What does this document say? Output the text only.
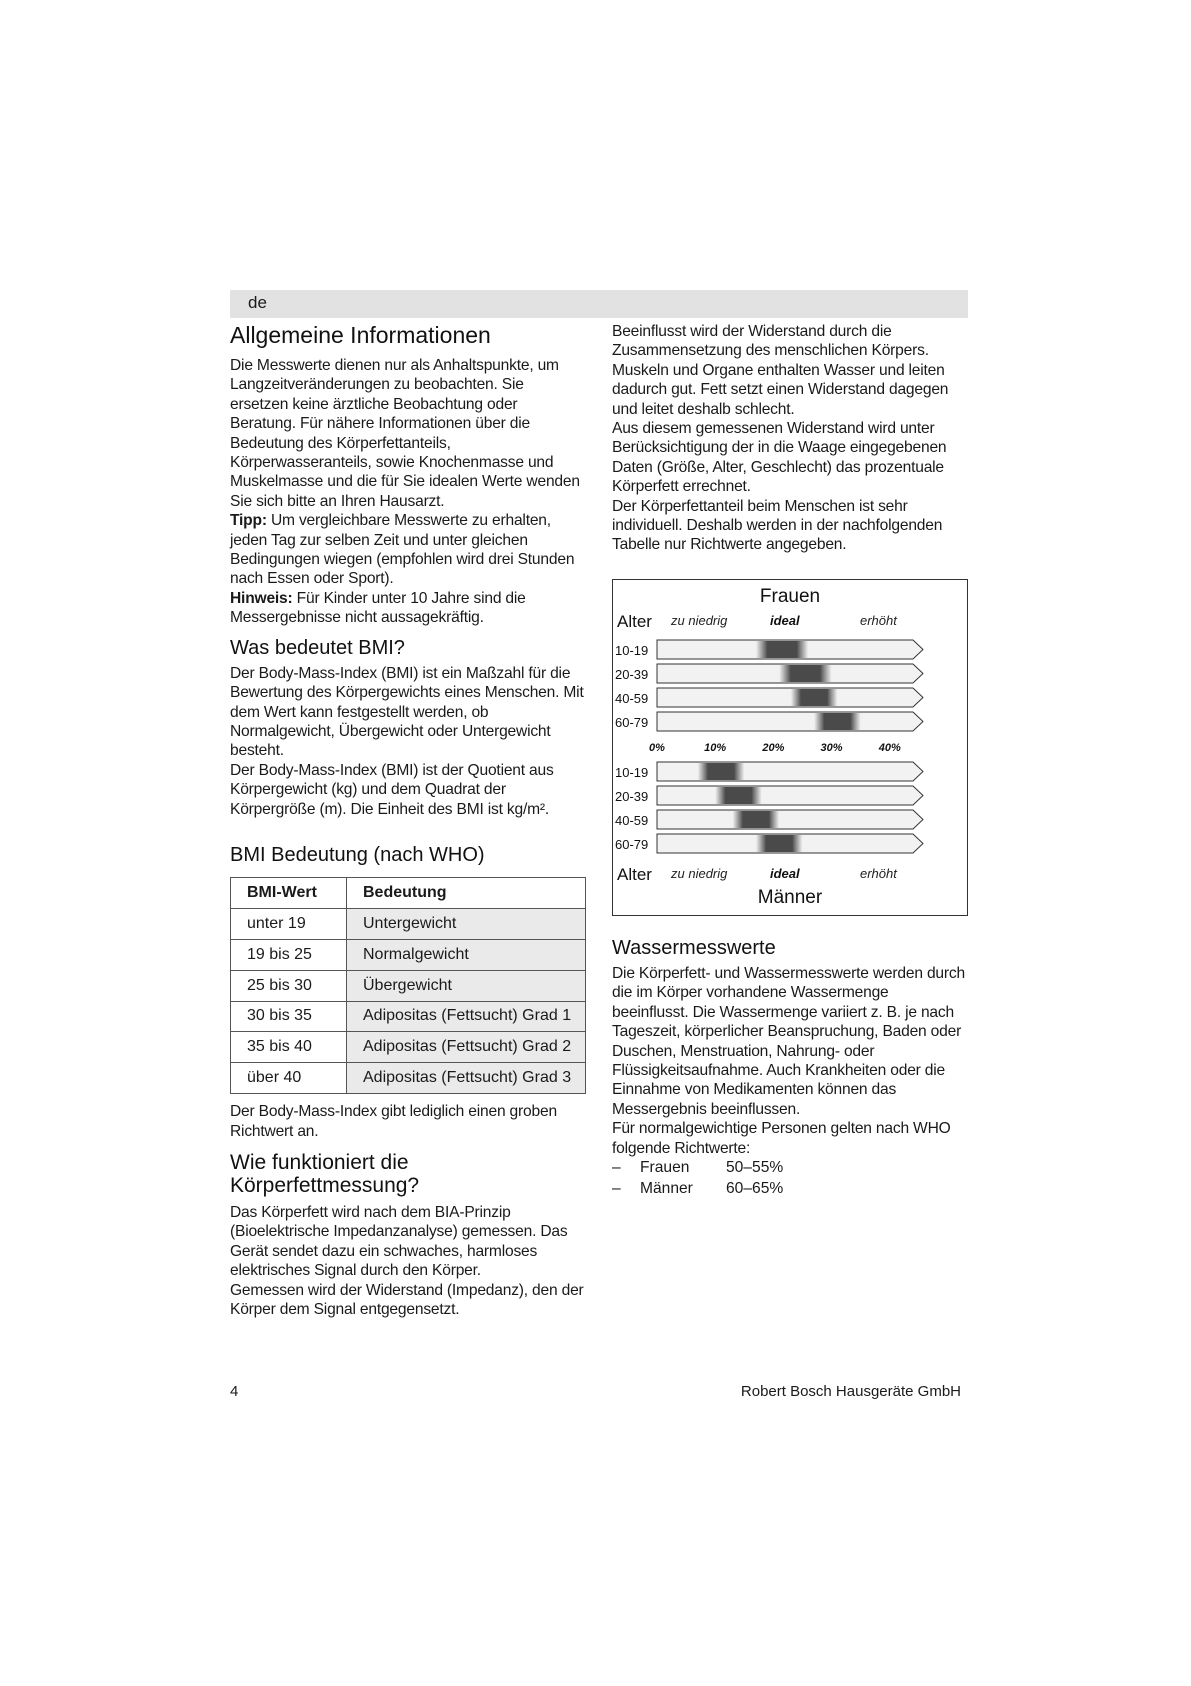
de
Allgemeine Informationen

Die Messwerte dienen nur als Anhaltspunkte, um Langzeitveränderungen zu beobachten. Sie ersetzen keine ärztliche Beobachtung oder Beratung. Für nähere Informationen über die Bedeutung des Körperfettanteils, Körperwasseranteils, sowie Knochenmasse und Muskelmasse und die für Sie idealen Werte wenden Sie sich bitte an Ihren Hausarzt.

Tipp: Um vergleichbare Messwerte zu erhalten, jeden Tag zur selben Zeit und unter gleichen Bedingungen wiegen (empfohlen wird drei Stunden nach Essen oder Sport).

Hinweis: Für Kinder unter 10 Jahre sind die Messergebnisse nicht aussagekräftig.

Was bedeutet BMI?

Der Body-Mass-Index (BMI) ist ein Maßzahl für die Bewertung des Körpergewichts eines Menschen. Mit dem Wert kann festgestellt werden, ob Normalgewicht, Übergewicht oder Untergewicht besteht.

Der Body-Mass-Index (BMI) ist der Quotient aus Körpergewicht (kg) und dem Quadrat der Körpergröße (m). Die Einheit des BMI ist kg/m².

BMI Bedeutung (nach WHO)
BMI-Wert	Bedeutung
unter 19	Untergewicht
19 bis 25	Normalgewicht
25 bis 30	Übergewicht
30 bis 35	Adipositas (Fettsucht) Grad 1
35 bis 40	Adipositas (Fettsucht) Grad 2
über 40	Adipositas (Fettsucht) Grad 3

Der Body-Mass-Index gibt lediglich einen groben Richtwert an.

Wie funktioniert die Körperfettmessung?

Das Körperfett wird nach dem BIA-Prinzip (Bioelektrische Impedanzanalyse) gemessen. Das Gerät sendet dazu ein schwaches, harmloses elektrisches Signal durch den Körper.

Gemessen wird der Widerstand (Impedanz), den der Körper dem Signal entgegensetzt.

Beeinflusst wird der Widerstand durch die Zusammensetzung des menschlichen Körpers. Muskeln und Organe enthalten Wasser und leiten dadurch gut. Fett setzt einen Widerstand dagegen und leitet deshalb schlecht.

Aus diesem gemessenen Widerstand wird unter Berücksichtigung der in die Waage eingegebenen Daten (Größe, Alter, Geschlecht) das prozentuale Körperfett errechnet.

Der Körperfettanteil beim Menschen ist sehr individuell. Deshalb werden in der nachfolgenden Tabelle nur Richtwerte angegeben.

Frauen
Alter zu niedrig	ideal	erhöht
10-19
20-39
40-59
60-79
0%	10%	20%	30%	40%
10-19
20-39
40-59
60-79
Alter zu niedrig	ideal	erhöht
Männer
Wassermesswerte

Die Körperfett- und Wassermesswerte werden durch die im Körper vorhandene Wassermenge beeinflusst. Die Wassermenge variiert z. B. je nach Tageszeit, körperlicher Beanspruchung, Baden oder Duschen, Menstruation, Nahrung- oder Flüssigkeitsaufnahme. Auch Krankheiten oder die Einnahme von Medikamenten können das Messergebnis beeinflussen.

Für normalgewichtige Personen gelten nach WHO folgende Richtwerte:

– Frauen 50–55%
– Männer 60–65%
4	Robert Bosch Hausgeräte GmbH
